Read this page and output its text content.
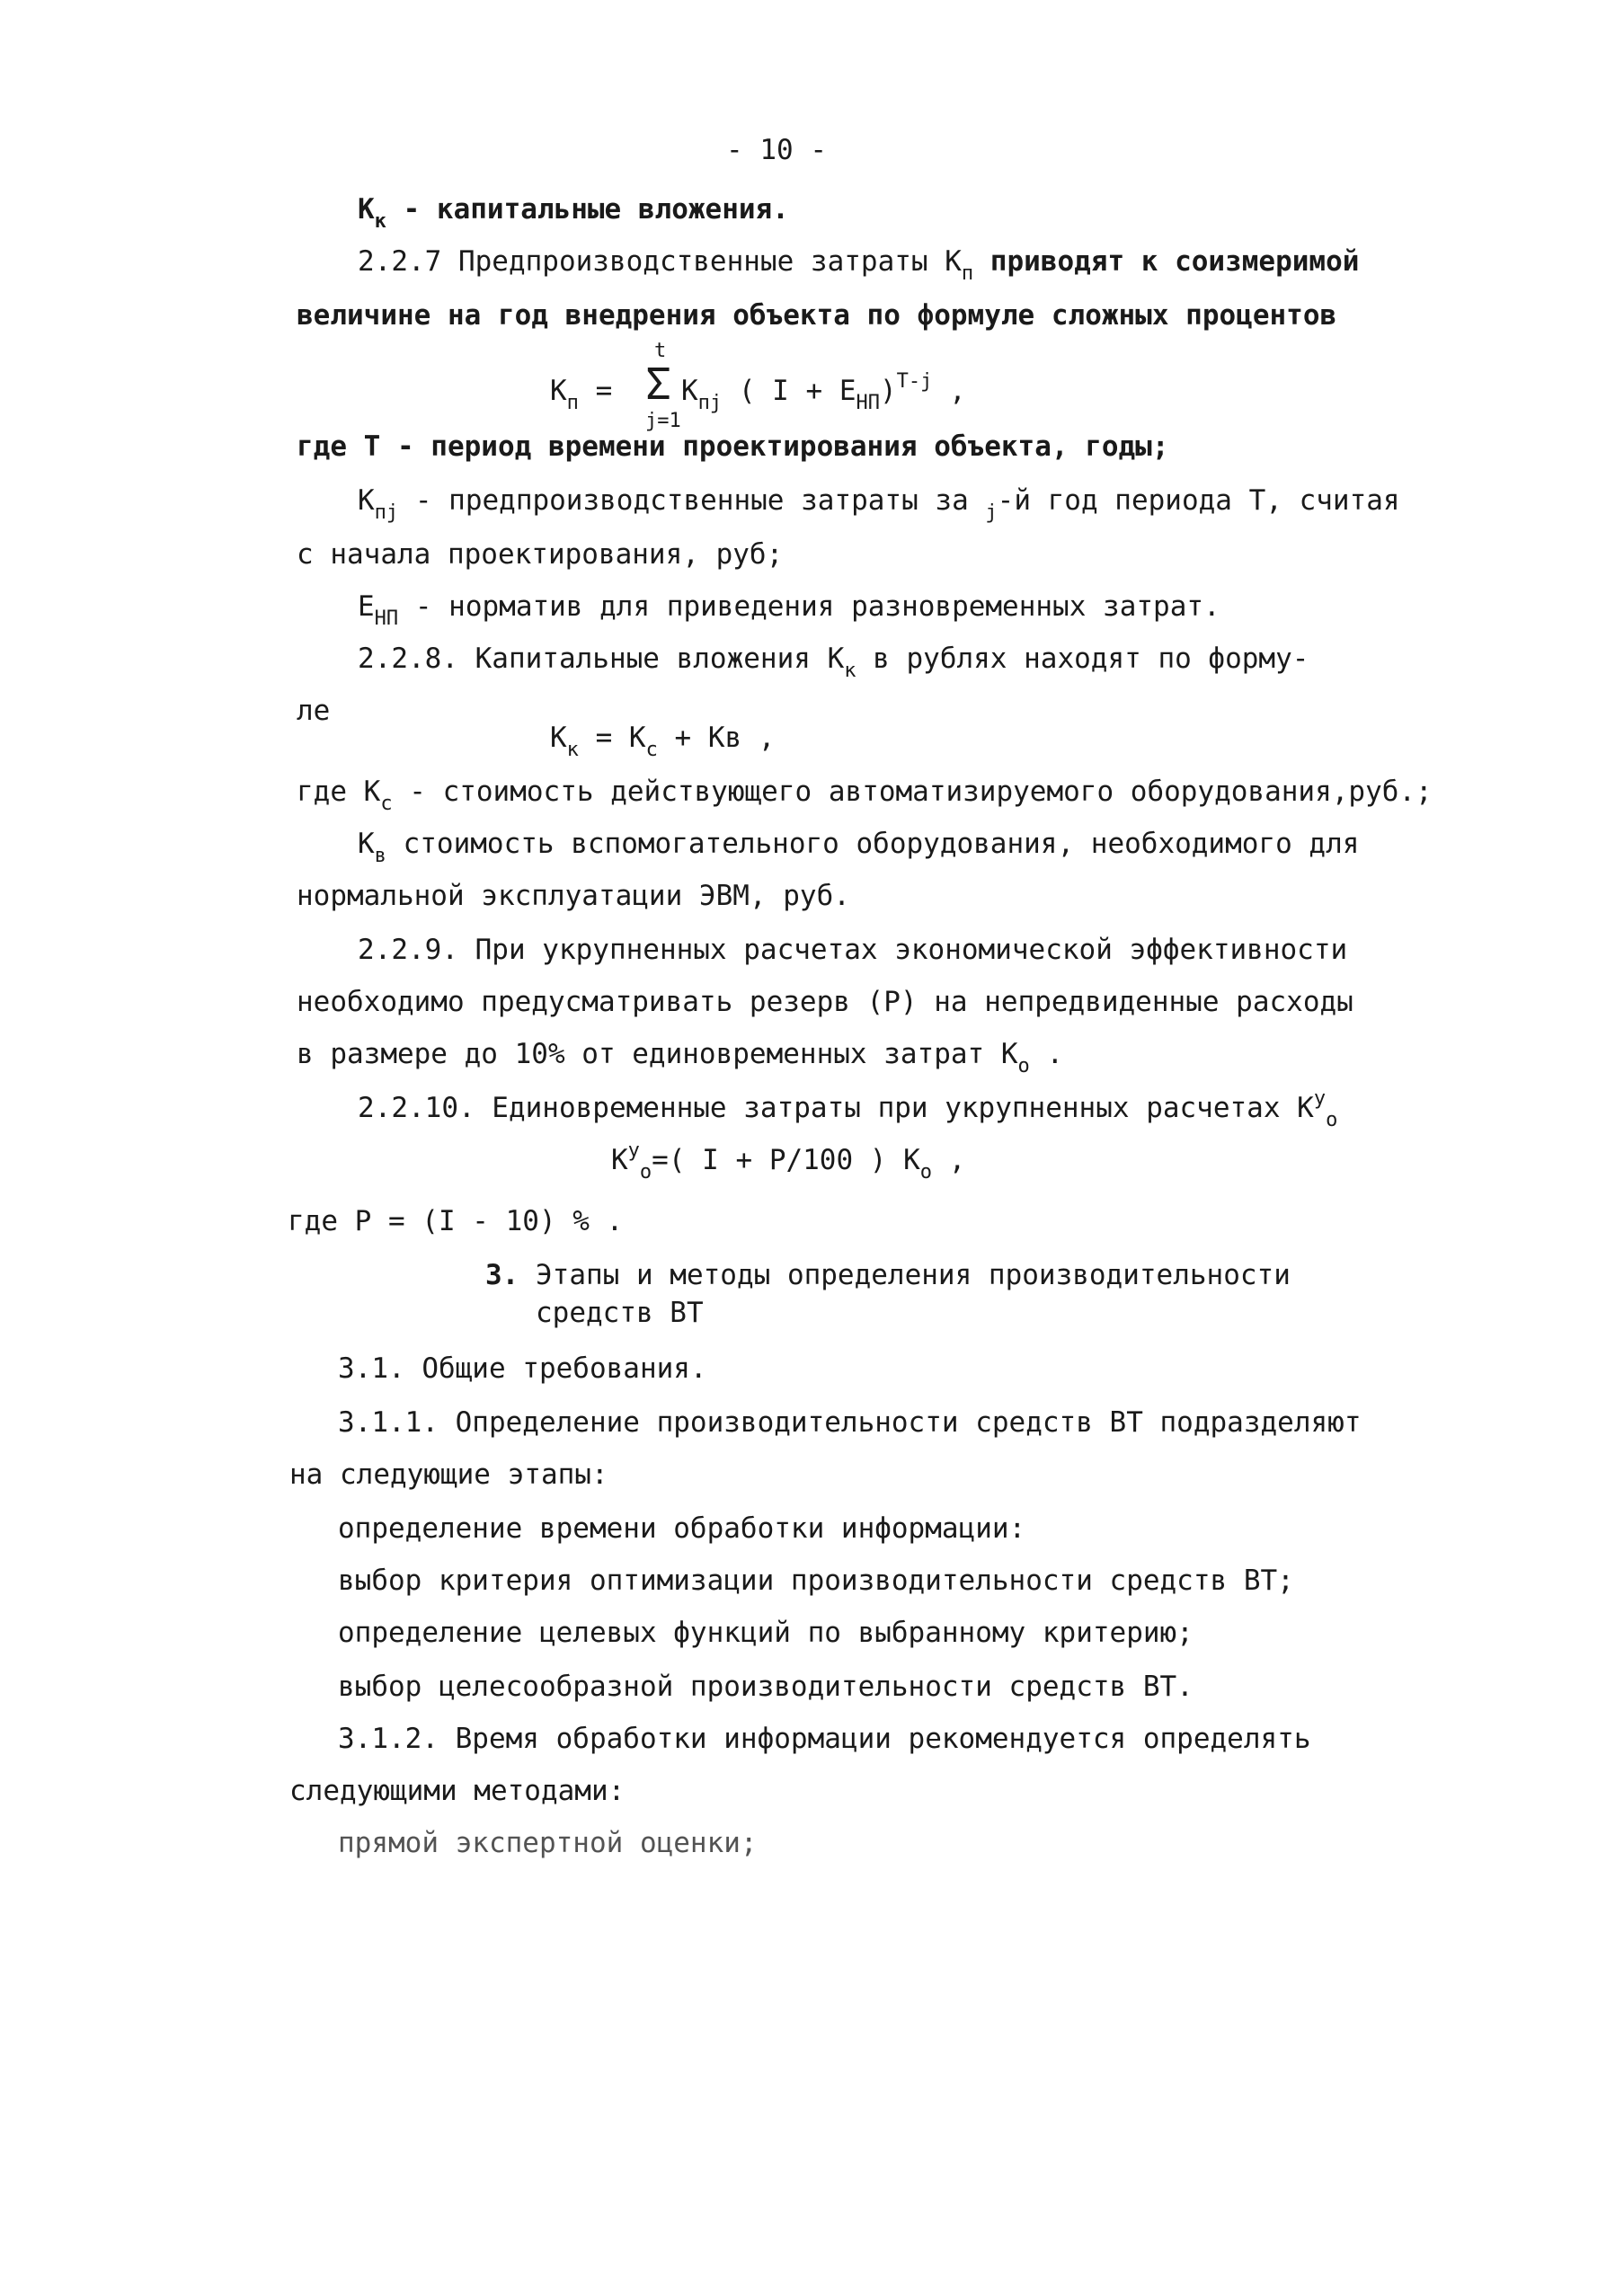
- 10 -
$К_к$ - капитальные вложения.
2.2.7 Предпроизводственные затраты $К_п$ приводят к соизмеримой
величине на год внедрения объекта по формуле сложных процентов
$К_п$ =
t
Σ
j=1
$К_{пj}$ ( $I + Е_{НП})^{T-j}$ ,
где Т - период времени проектирования объекта, годы;
$К_{пj}$ - предпроизводственные затраты за $_j$-й год периода Т, считая
с начала проектирования, руб;
$Е_{НП}$ - норматив для приведения разновременных затрат.
2.2.8. Капитальные вложения $К_к$ в рублях находят по форму-
ле
$К_к = К_с$ + Кв ,
где $К_с$ - стоимость действующего автоматизируемого оборудования,руб.;
$К_в$ стоимость вспомогательного оборудования, необходимого для
нормальной эксплуатации ЭВМ, руб.
2.2.9. При укрупненных расчетах экономической эффективности
необходимо предусматривать резерв (Р) на непредвиденные расходы
в размере до 10% от единовременных затрат $К_о$ .
2.2.10. Единовременные затраты при укрупненных расчетах $К^у_о$
$К^у_о=$( I + Р/100 ) $К_о$ ,
где Р = (I - 10) % .
3. Этапы и методы определения производительности
средств ВТ
3.1. Общие требования.
3.1.1. Определение производительности средств ВТ подразделяют
на следующие этапы:
определение времени обработки информации:
выбор критерия оптимизации производительности средств ВТ;
определение целевых функций по выбранному критерию;
выбор целесообразной производительности средств ВТ.
3.1.2. Время обработки информации рекомендуется определять
следующими методами:
прямой экспертной оценки;
